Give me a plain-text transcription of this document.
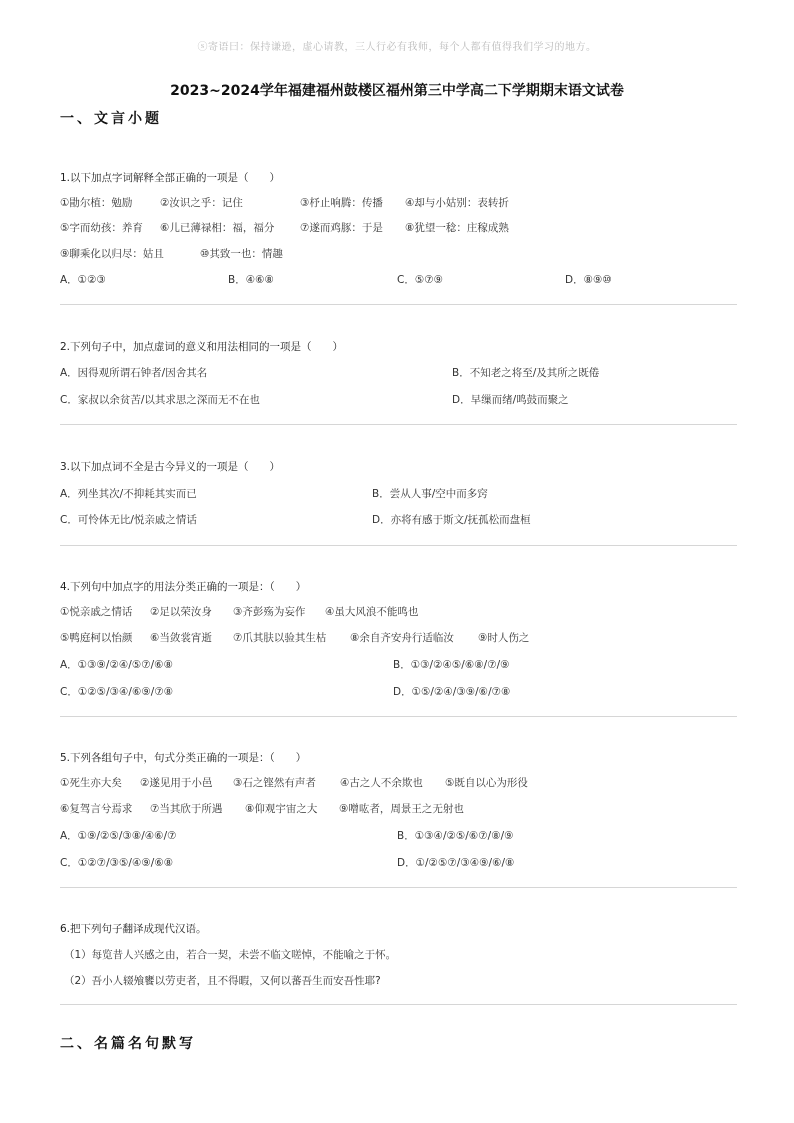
ⓢ寄语曰：保持谦逊，虚心请教，三人行必有我师，每个人都有值得我们学习的地方。
2023~2024学年福建福州鼓楼区福州第三中学高二下学期期末语文试卷
一、文言小题
1.以下加点字词解释全部正确的一项是（　　）
①勖尔植：勉励	②汝识之乎：记住	③杼止响腾：传播 ④却与小姑别：表转折
⑤字而幼孩：养育 ⑥儿已薄禄相：福，福分 ⑦遂而鸡豚：于是 ⑧犹望一稔：庄稼成熟
⑨聊乘化以归尽：姑且	⑩其致一也：情趣
A．①②③	B．④⑥⑧	C．⑤⑦⑨	D．⑧⑨⑩
2.下列句子中，加点虚词的意义和用法相同的一项是（　　）
A．因得观所谓石钟者/因舍其名	B．不知老之将至/及其所之既倦
C．家叔以余贫苦/以其求思之深而无不在也	D．早缫而绪/鸣鼓而聚之
3.以下加点词不全是古今异义的一项是（　　）
A．列坐其次/不抑耗其实而已	B．尝从人事/空中而多窍
C．可怜体无比/悦亲戚之情话	D．亦将有感于斯文/抚孤松而盘桓
4.下列句中加点字的用法分类正确的一项是：（　　）
①悦亲戚之情话 ②足以荣汝身 ③齐彭殇为妄作 ④虽大风浪不能鸣也
⑤鸭庭柯以怡颜 ⑥当敛裳宵逝 ⑦爪其肤以验其生枯 ⑧余自齐安舟行适临汝 ⑨时人伤之
A．①③⑨/②④/⑤⑦/⑥⑧	B．①③/②④⑤/⑥⑧/⑦/⑨
C．①②⑤/③④/⑥⑨/⑦⑧	D．①⑤/②④/③⑨/⑥/⑦⑧
5.下列各组句子中，句式分类正确的一项是：（　　）
①死生亦大矣 ②遂见用于小邑 ③石之铿然有声者 ④古之人不余欺也 ⑤既自以心为形役
⑥复驾言兮焉求 ⑦当其欣于所遇 ⑧仰观宇宙之大 ⑨噌吰者，周景王之无射也
A．①⑨/②⑤/③⑧/④⑥/⑦	B．①③④/②⑤/⑥⑦/⑧/⑨
C．①②⑦/③⑤/④⑨/⑥⑧	D．①/②⑤⑦/③④⑨/⑥/⑧
6.把下列句子翻译成现代汉语。
（1）每览昔人兴感之由，若合一契，未尝不临文嗟悼，不能喻之于怀。
（2）吾小人辍飧饔以劳吏者，且不得暇，又何以蕃吾生而安吾性耶?
二、名篇名句默写
